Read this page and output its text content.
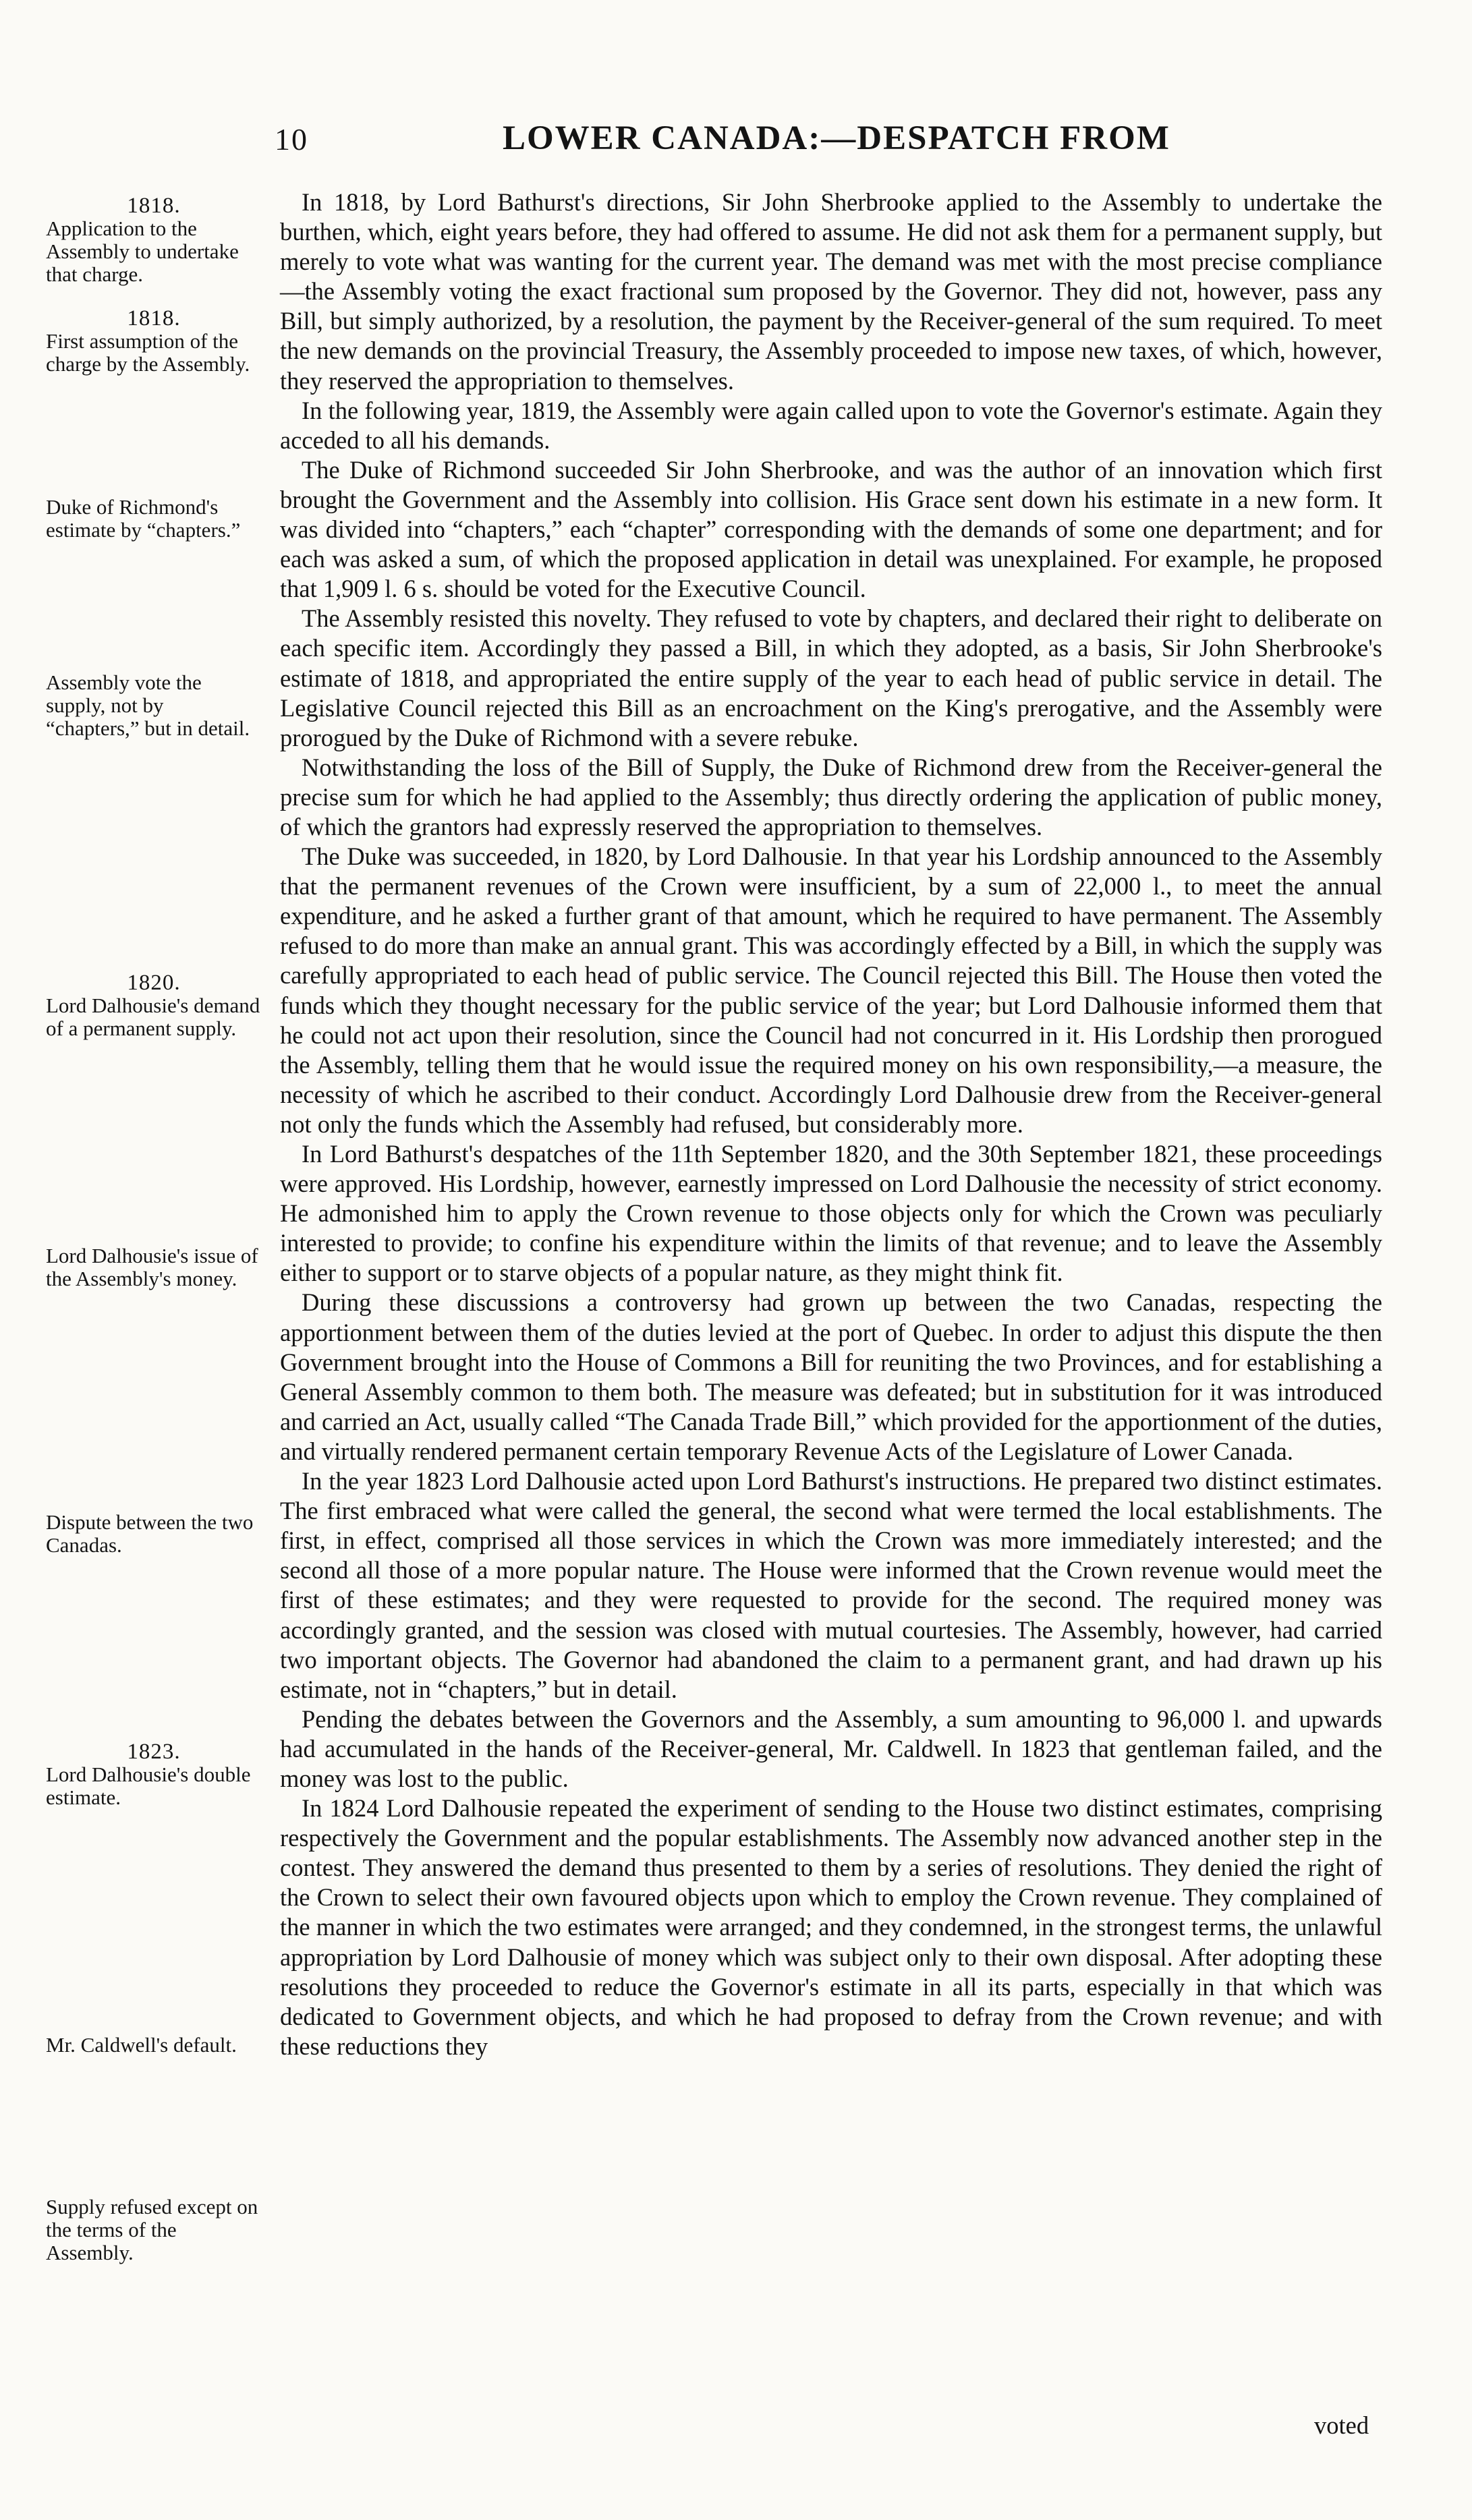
10	LOWER CANADA:—DESPATCH FROM
1818.
Application to the Assembly to undertake that charge.
1818.
First assumption of the charge by the Assembly.
Duke of Richmond's estimate by “chapters.”
Assembly vote the supply, not by “chapters,” but in detail.
1820.
Lord Dalhousie's demand of a permanent supply.
Lord Dalhousie's issue of the Assembly's money.
Dispute between the two Canadas.
1823.
Lord Dalhousie's double estimate.
Mr. Caldwell's default.
Supply refused except on the terms of the Assembly.

In 1818, by Lord Bathurst's directions, Sir John Sherbrooke applied to the Assembly to undertake the burthen, which, eight years before, they had offered to assume. He did not ask them for a permanent supply, but merely to vote what was wanting for the current year. The demand was met with the most precise compliance—the Assembly voting the exact fractional sum proposed by the Governor. They did not, however, pass any Bill, but simply authorized, by a resolution, the payment by the Receiver-general of the sum required. To meet the new demands on the provincial Treasury, the Assembly proceeded to impose new taxes, of which, however, they reserved the appropriation to themselves.

In the following year, 1819, the Assembly were again called upon to vote the Governor's estimate. Again they acceded to all his demands.

The Duke of Richmond succeeded Sir John Sherbrooke, and was the author of an innovation which first brought the Government and the Assembly into collision. His Grace sent down his estimate in a new form. It was divided into “chapters,” each “chapter” corresponding with the demands of some one department; and for each was asked a sum, of which the proposed application in detail was unexplained. For example, he proposed that 1,909 l. 6 s. should be voted for the Executive Council.

The Assembly resisted this novelty. They refused to vote by chapters, and declared their right to deliberate on each specific item. Accordingly they passed a Bill, in which they adopted, as a basis, Sir John Sherbrooke's estimate of 1818, and appropriated the entire supply of the year to each head of public service in detail. The Legislative Council rejected this Bill as an encroachment on the King's prerogative, and the Assembly were prorogued by the Duke of Richmond with a severe rebuke.

Notwithstanding the loss of the Bill of Supply, the Duke of Richmond drew from the Receiver-general the precise sum for which he had applied to the Assembly; thus directly ordering the application of public money, of which the grantors had expressly reserved the appropriation to themselves.

The Duke was succeeded, in 1820, by Lord Dalhousie. In that year his Lordship announced to the Assembly that the permanent revenues of the Crown were insufficient, by a sum of 22,000 l., to meet the annual expenditure, and he asked a further grant of that amount, which he required to have permanent. The Assembly refused to do more than make an annual grant. This was accordingly effected by a Bill, in which the supply was carefully appropriated to each head of public service. The Council rejected this Bill. The House then voted the funds which they thought necessary for the public service of the year; but Lord Dalhousie informed them that he could not act upon their resolution, since the Council had not concurred in it. His Lordship then prorogued the Assembly, telling them that he would issue the required money on his own responsibility,—a measure, the necessity of which he ascribed to their conduct. Accordingly Lord Dalhousie drew from the Receiver-general not only the funds which the Assembly had refused, but considerably more.

In Lord Bathurst's despatches of the 11th September 1820, and the 30th September 1821, these proceedings were approved. His Lordship, however, earnestly impressed on Lord Dalhousie the necessity of strict economy. He admonished him to apply the Crown revenue to those objects only for which the Crown was peculiarly interested to provide; to confine his expenditure within the limits of that revenue; and to leave the Assembly either to support or to starve objects of a popular nature, as they might think fit.

During these discussions a controversy had grown up between the two Canadas, respecting the apportionment between them of the duties levied at the port of Quebec. In order to adjust this dispute the then Government brought into the House of Commons a Bill for reuniting the two Provinces, and for establishing a General Assembly common to them both. The measure was defeated; but in substitution for it was introduced and carried an Act, usually called “The Canada Trade Bill,” which provided for the apportionment of the duties, and virtually rendered permanent certain temporary Revenue Acts of the Legislature of Lower Canada.

In the year 1823 Lord Dalhousie acted upon Lord Bathurst's instructions. He prepared two distinct estimates. The first embraced what were called the general, the second what were termed the local establishments. The first, in effect, comprised all those services in which the Crown was more immediately interested; and the second all those of a more popular nature. The House were informed that the Crown revenue would meet the first of these estimates; and they were requested to provide for the second. The required money was accordingly granted, and the session was closed with mutual courtesies. The Assembly, however, had carried two important objects. The Governor had abandoned the claim to a permanent grant, and had drawn up his estimate, not in “chapters,” but in detail.

Pending the debates between the Governors and the Assembly, a sum amounting to 96,000 l. and upwards had accumulated in the hands of the Receiver-general, Mr. Caldwell. In 1823 that gentleman failed, and the money was lost to the public.

In 1824 Lord Dalhousie repeated the experiment of sending to the House two distinct estimates, comprising respectively the Government and the popular establishments. The Assembly now advanced another step in the contest. They answered the demand thus presented to them by a series of resolutions. They denied the right of the Crown to select their own favoured objects upon which to employ the Crown revenue. They complained of the manner in which the two estimates were arranged; and they condemned, in the strongest terms, the unlawful appropriation by Lord Dalhousie of money which was subject only to their own disposal. After adopting these resolutions they proceeded to reduce the Governor's estimate in all its parts, especially in that which was dedicated to Government objects, and which he had proposed to defray from the Crown revenue; and with these reductions they

voted
